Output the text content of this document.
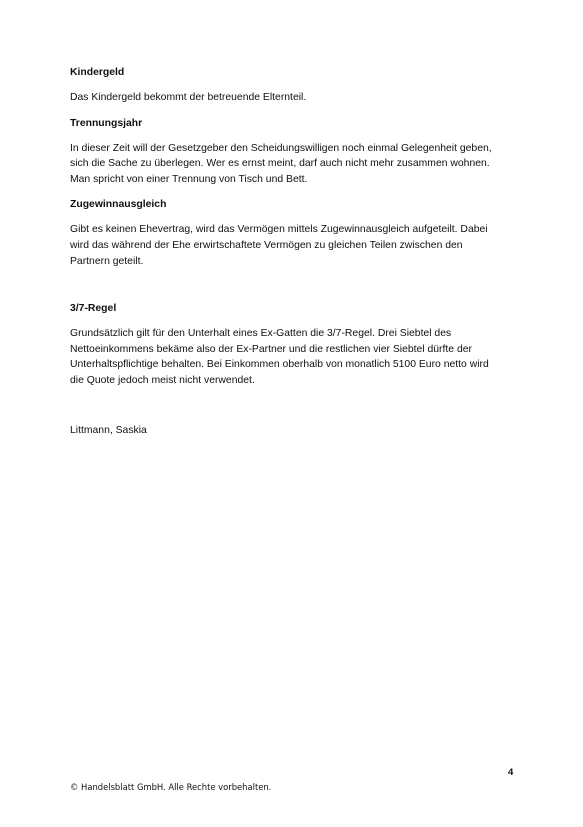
Kindergeld

Das Kindergeld bekommt der betreuende Elternteil.

Trennungsjahr

In dieser Zeit will der Gesetzgeber den Scheidungswilligen noch einmal Gelegenheit geben,

sich die Sache zu überlegen. Wer es ernst meint, darf auch nicht mehr zusammen wohnen.

Man spricht von einer Trennung von Tisch und Bett.

Zugewinnausgleich

Gibt es keinen Ehevertrag, wird das Vermögen mittels Zugewinnausgleich aufgeteilt. Dabei

wird das während der Ehe erwirtschaftete Vermögen zu gleichen Teilen zwischen den

Partnern geteilt.

3/7-Regel

Grundsätzlich gilt für den Unterhalt eines Ex-Gatten die 3/7-Regel. Drei Siebtel des

Nettoeinkommens bekäme also der Ex-Partner und die restlichen vier Siebtel dürfte der

Unterhaltspflichtige behalten. Bei Einkommen oberhalb von monatlich 5100 Euro netto wird

die Quote jedoch meist nicht verwendet.

Littmann, Saskia

4
© Handelsblatt GmbH. Alle Rechte vorbehalten.
